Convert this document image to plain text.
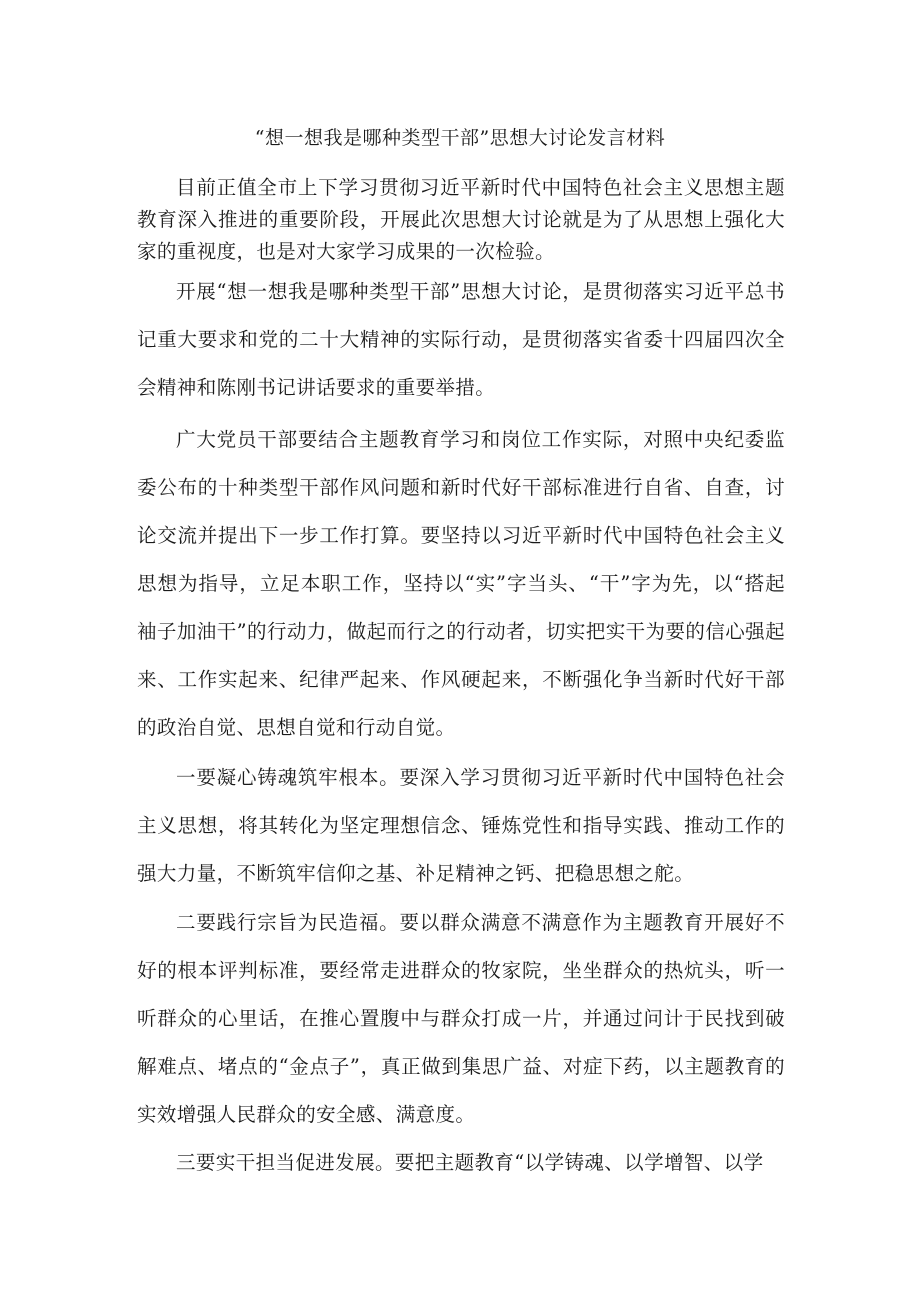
“想一想我是哪种类型干部”思想大讨论发言材料

目前正值全市上下学习贯彻习近平新时代中国特色社会主义思想主题教育深入推进的重要阶段，开展此次思想大讨论就是为了从思想上强化大家的重视度，也是对大家学习成果的一次检验。

开展“想一想我是哪种类型干部”思想大讨论，是贯彻落实习近平总书记重大要求和党的二十大精神的实际行动，是贯彻落实省委十四届四次全会精神和陈刚书记讲话要求的重要举措。

广大党员干部要结合主题教育学习和岗位工作实际，对照中央纪委监委公布的十种类型干部作风问题和新时代好干部标准进行自省、自查，讨论交流并提出下一步工作打算。要坚持以习近平新时代中国特色社会主义思想为指导，立足本职工作，坚持以“实”字当头、“干”字为先，以“搭起袖子加油干”的行动力，做起而行之的行动者，切实把实干为要的信心强起来、工作实起来、纪律严起来、作风硬起来，不断强化争当新时代好干部的政治自觉、思想自觉和行动自觉。

一要凝心铸魂筑牢根本。要深入学习贯彻习近平新时代中国特色社会主义思想，将其转化为坚定理想信念、锤炼党性和指导实践、推动工作的强大力量，不断筑牢信仰之基、补足精神之钙、把稳思想之舵。

二要践行宗旨为民造福。要以群众满意不满意作为主题教育开展好不好的根本评判标准，要经常走进群众的牧家院，坐坐群众的热炕头，听一听群众的心里话，在推心置腹中与群众打成一片，并通过问计于民找到破解难点、堵点的“金点子”，真正做到集思广益、对症下药，以主题教育的实效增强人民群众的安全感、满意度。

三要实干担当促进发展。要把主题教育“以学铸魂、以学增智、以学
